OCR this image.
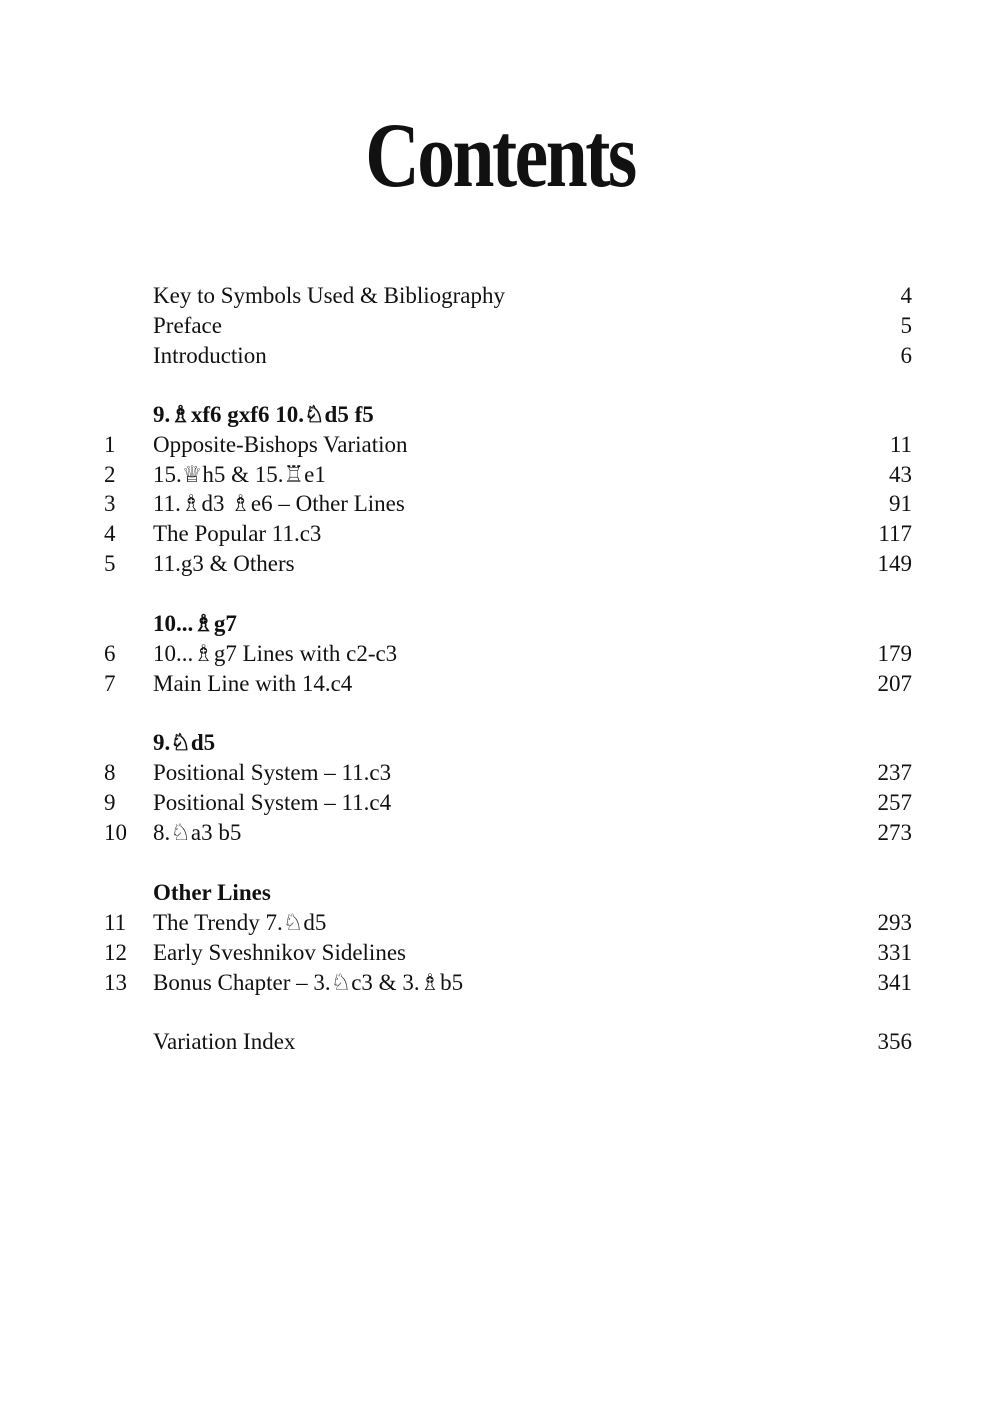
Contents
Key to Symbols Used & Bibliography	4
Preface	5
Introduction	6
9.♗xf6 gxf6 10.♘d5 f5
1 Opposite-Bishops Variation	11
2 15.♕h5 & 15.♖e1	43
3 11.♗d3 ♗e6 – Other Lines	91
4 The Popular 11.c3	117
5 11.g3 & Others	149
10...♗g7
6 10...♗g7 Lines with c2-c3	179
7 Main Line with 14.c4	207
9.♘d5
8 Positional System – 11.c3	237
9 Positional System – 11.c4	257
10 8.♘a3 b5	273
Other Lines
11 The Trendy 7.♘d5	293
12 Early Sveshnikov Sidelines	331
13 Bonus Chapter – 3.♘c3 & 3.♗b5	341
Variation Index	356
